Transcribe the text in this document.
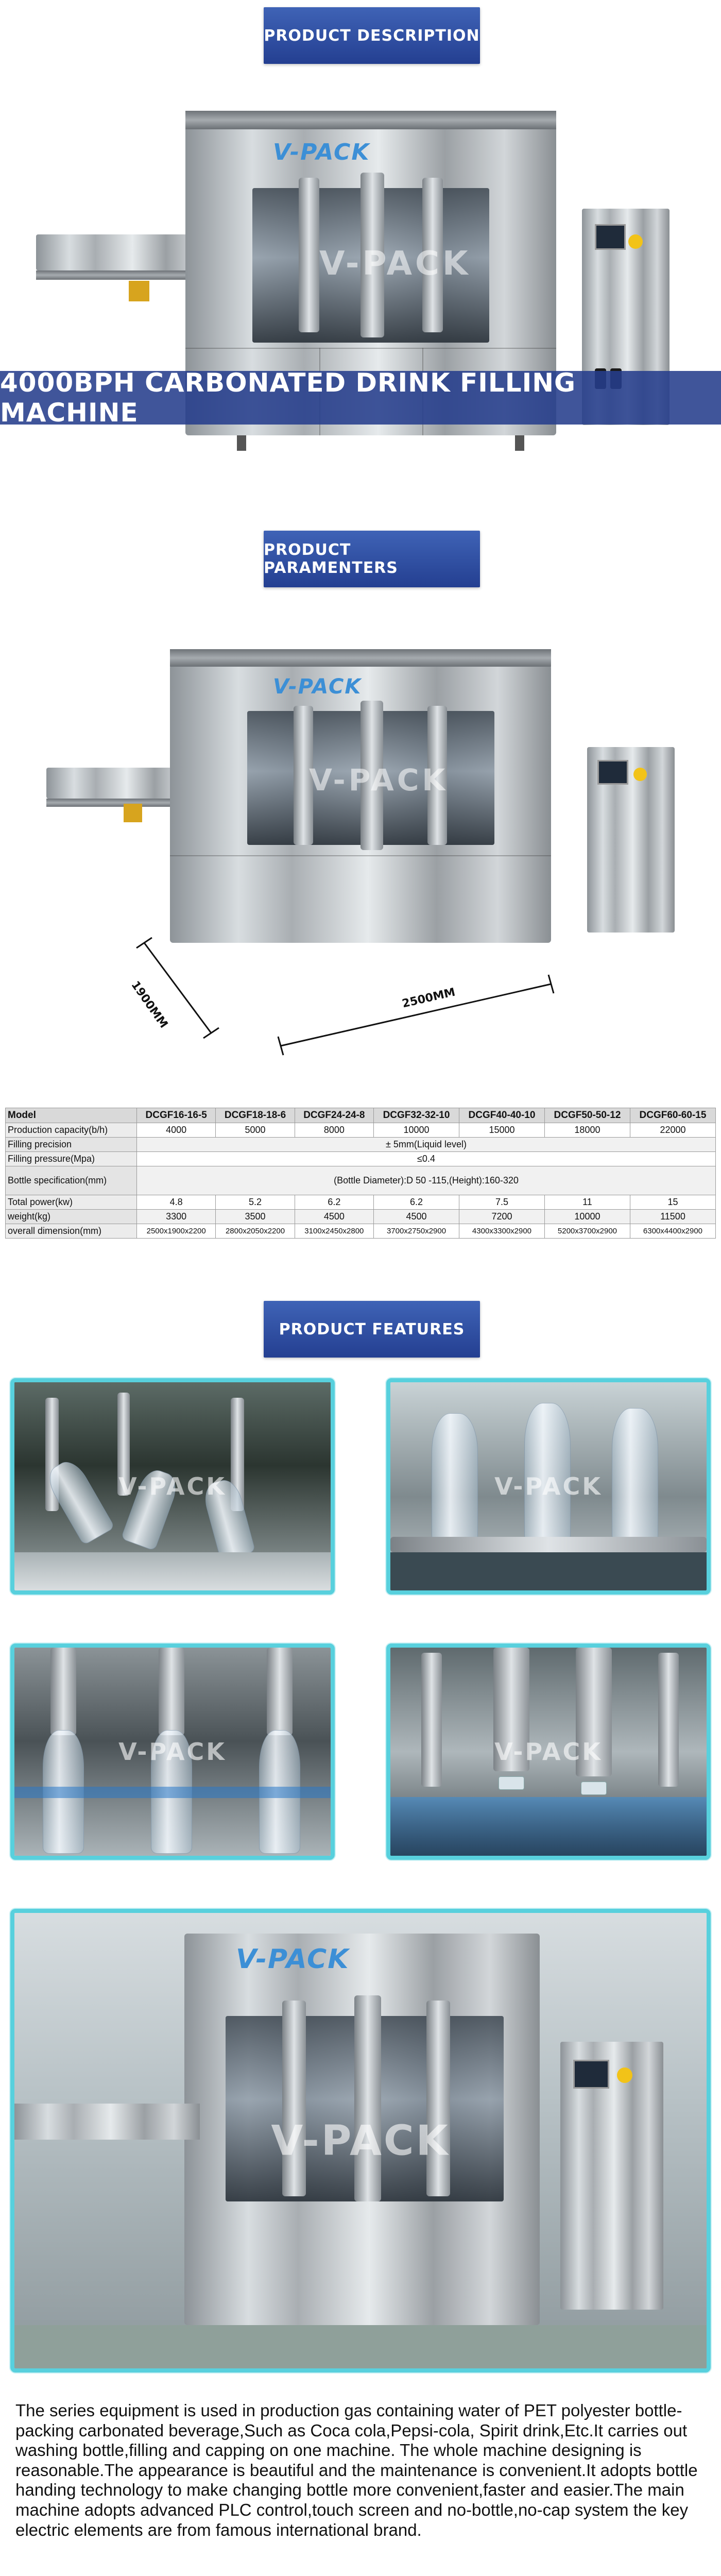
PRODUCT DESCRIPTION
V-PACK
V-PACK
4000BPH CARBONATED DRINK FILLING MACHINE
PRODUCT PARAMENTERS
V-PACK
V-PACK
1900MM	2500MM
Model	DCGF16-16-5	DCGF18-18-6	DCGF24-24-8	DCGF32-32-10	DCGF40-40-10	DCGF50-50-12	DCGF60-60-15
Production capacity(b/h)	4000	5000	8000	10000	15000	18000	22000
Filling precision	± 5mm(Liquid level)						
Filling pressure(Mpa)	≤0.4						
Bottle specification(mm)	(Bottle Diameter):D 50 -115,(Height):160-320						
Total power(kw)	4.8	5.2	6.2	6.2	7.5	11	15
weight(kg)	3300	3500	4500	4500	7200	10000	11500
overall dimension(mm)	2500x1900x2200	2800x2050x2200	3100x2450x2800	3700x2750x2900	4300x3300x2900	5200x3700x2900	6300x4400x2900
PRODUCT FEATURES
V-PACK	V-PACK
V-PACK	V-PACK
V-PACK
V-PACK

The series equipment is used in production gas containing water of PET polyester bottle-packing carbonated beverage,Such as Coca cola,Pepsi-cola, Spirit drink,Etc.It carries out washing bottle,filling and capping on one machine. The whole machine designing is reasonable.The appearance is beautiful and the maintenance is convenient.It adopts bottle handing technology to make changing bottle more convenient,faster and easier.The main machine adopts advanced PLC control,touch screen and no-bottle,no-cap system the key electric elements are from famous international brand.
